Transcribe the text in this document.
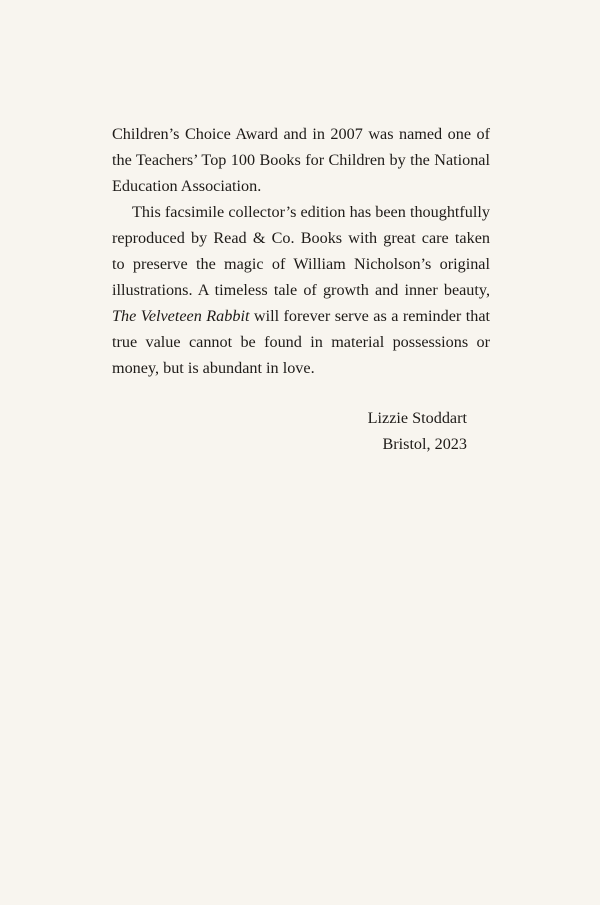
Children’s Choice Award and in 2007 was named one of
the Teachers’ Top 100 Books for Children by the National
Education Association.

This facsimile collector’s edition has been thoughtfully
reproduced by Read & Co. Books with great care taken
to preserve the magic of William Nicholson’s original
illustrations. A timeless tale of growth and inner beauty,
The Velveteen Rabbit will forever serve as a reminder that
true value cannot be found in material possessions or
money, but is abundant in love.

Lizzie Stoddart
Bristol, 2023
